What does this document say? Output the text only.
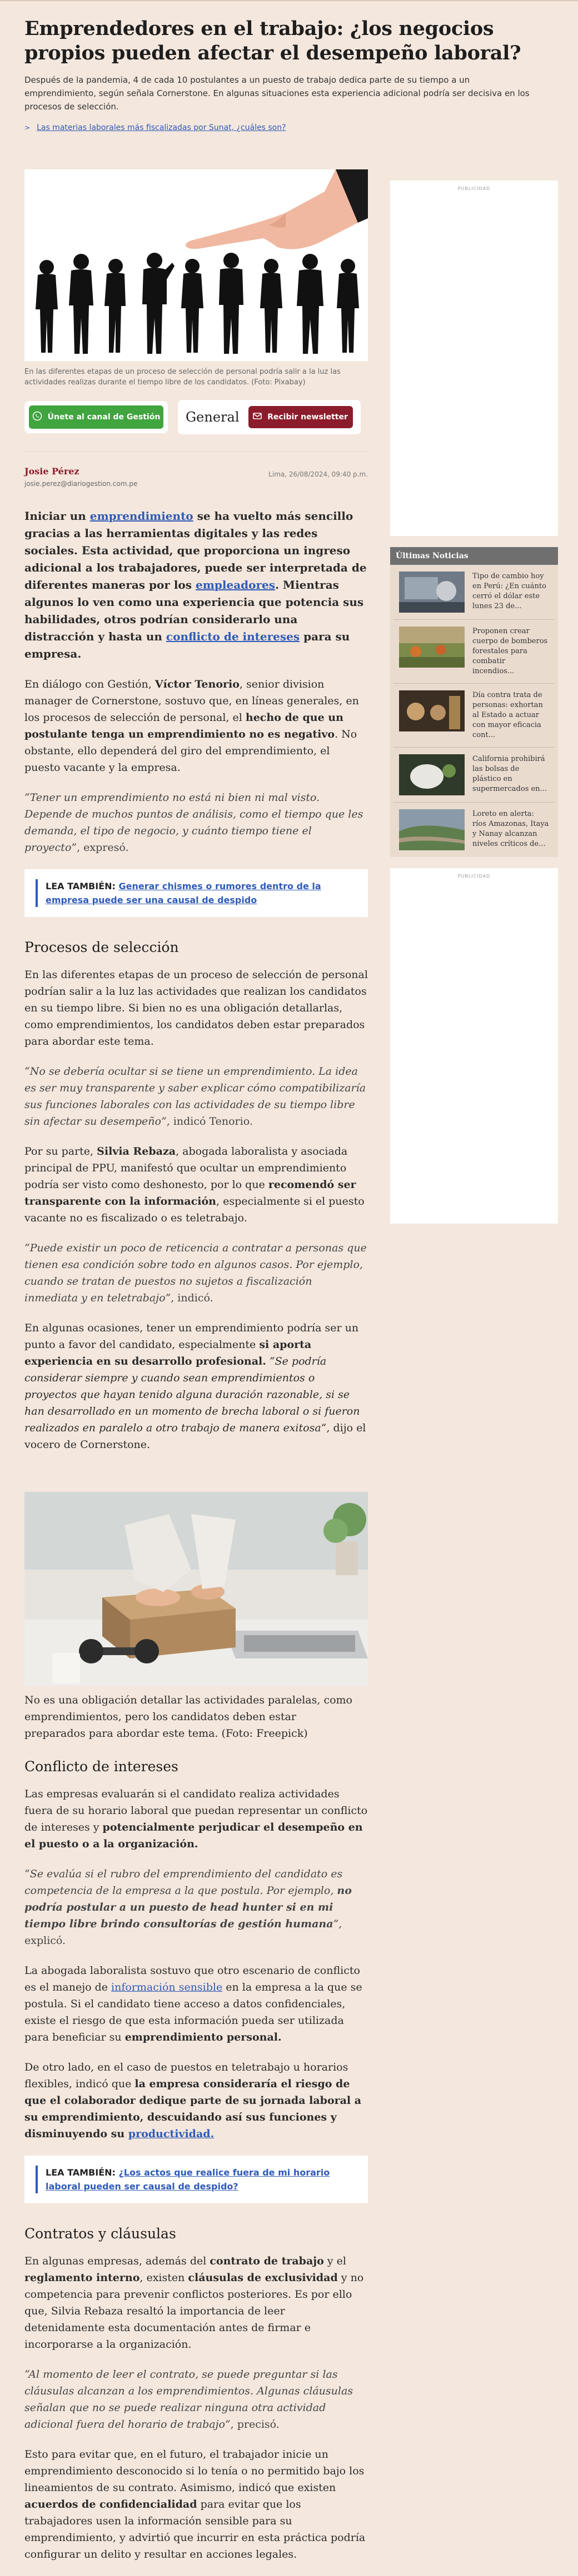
Emprendedores en el trabajo: ¿los negocios propios pueden afectar el desempeño laboral?

Después de la pandemia, 4 de cada 10 postulantes a un puesto de trabajo dedica parte de su tiempo a un emprendimiento, según señala Cornerstone. En algunas situaciones esta experiencia adicional podría ser decisiva en los procesos de selección.

> Las materias laborales más fiscalizadas por Sunat, ¿cuáles son?

En las diferentes etapas de un proceso de selección de personal podría salir a la luz las actividades realizas durante el tiempo libre de los candidatos. (Foto: Pixabay)

Únete al canal de Gestión General	Recibir newsletter
Josie Pérez
josie.perez@diariogestion.com.pe
Lima, 26/08/2024, 09:40 p.m.

Iniciar un emprendimiento se ha vuelto más sencillo gracias a las herramientas digitales y las redes sociales. Esta actividad, que proporciona un ingreso adicional a los trabajadores, puede ser interpretada de diferentes maneras por los empleadores. Mientras algunos lo ven como una experiencia que potencia sus habilidades, otros podrían considerarlo una distracción y hasta un conflicto de intereses para su empresa.

En diálogo con Gestión, Víctor Tenorio, senior division manager de Cornerstone, sostuvo que, en líneas generales, en los procesos de selección de personal, el hecho de que un postulante tenga un emprendimiento no es negativo. No obstante, ello dependerá del giro del emprendimiento, el puesto vacante y la empresa.

“Tener un emprendimiento no está ni bien ni mal visto. Depende de muchos puntos de análisis, como el tiempo que les demanda, el tipo de negocio, y cuánto tiempo tiene el proyecto”, expresó.

LEA TAMBIÉN: Generar chismes o rumores dentro de la empresa puede ser una causal de despido
Procesos de selección

En las diferentes etapas de un proceso de selección de personal podrían salir a la luz las actividades que realizan los candidatos en su tiempo libre. Si bien no es una obligación detallarlas, como emprendimientos, los candidatos deben estar preparados para abordar este tema.

“No se debería ocultar si se tiene un emprendimiento. La idea es ser muy transparente y saber explicar cómo compatibilizaría sus funciones laborales con las actividades de su tiempo libre sin afectar su desempeño”, indicó Tenorio.

Por su parte, Silvia Rebaza, abogada laboralista y asociada principal de PPU, manifestó que ocultar un emprendimiento podría ser visto como deshonesto, por lo que recomendó ser transparente con la información, especialmente si el puesto vacante no es fiscalizado o es teletrabajo.

“Puede existir un poco de reticencia a contratar a personas que tienen esa condición sobre todo en algunos casos. Por ejemplo, cuando se tratan de puestos no sujetos a fiscalización inmediata y en teletrabajo”, indicó.

En algunas ocasiones, tener un emprendimiento podría ser un punto a favor del candidato, especialmente si aporta experiencia en su desarrollo profesional. “Se podría considerar siempre y cuando sean emprendimientos o proyectos que hayan tenido alguna duración razonable, si se han desarrollado en un momento de brecha laboral o si fueron realizados en paralelo a otro trabajo de manera exitosa”, dijo el vocero de Cornerstone.

No es una obligación detallar las actividades paralelas, como emprendimientos, pero los candidatos deben estar preparados para abordar este tema. (Foto: Freepick)

Conflicto de intereses

Las empresas evaluarán si el candidato realiza actividades fuera de su horario laboral que puedan representar un conflicto de intereses y potencialmente perjudicar el desempeño en el puesto o a la organización.

“Se evalúa si el rubro del emprendimiento del candidato es competencia de la empresa a la que postula. Por ejemplo, no podría postular a un puesto de head hunter si en mi tiempo libre brindo consultorías de gestión humana”, explicó.

La abogada laboralista sostuvo que otro escenario de conflicto es el manejo de información sensible en la empresa a la que se postula. Si el candidato tiene acceso a datos confidenciales, existe el riesgo de que esta información pueda ser utilizada para beneficiar su emprendimiento personal.

De otro lado, en el caso de puestos en teletrabajo u horarios flexibles, indicó que la empresa consideraría el riesgo de que el colaborador dedique parte de su jornada laboral a su emprendimiento, descuidando así sus funciones y disminuyendo su productividad.

LEA TAMBIÉN: ¿Los actos que realice fuera de mi horario laboral pueden ser causal de despido?
Contratos y cláusulas

En algunas empresas, además del contrato de trabajo y el reglamento interno, existen cláusulas de exclusividad y no competencia para prevenir conflictos posteriores. Es por ello que, Silvia Rebaza resaltó la importancia de leer detenidamente esta documentación antes de firmar e incorporarse a la organización.

“Al momento de leer el contrato, se puede preguntar si las cláusulas alcanzan a los emprendimientos. Algunas cláusulas señalan que no se puede realizar ninguna otra actividad adicional fuera del horario de trabajo”, precisó.

Esto para evitar que, en el futuro, el trabajador inicie un emprendimiento desconocido si lo tenía o no permitido bajo los lineamientos de su contrato. Asimismo, indicó que existen acuerdos de confidencialidad para evitar que los trabajadores usen la información sensible para su emprendimiento, y advirtió que incurrir en esta práctica podría configurar un delito y resultar en acciones legales.

PUBLICIDAD
Últimas Noticias
Tipo de cambio hoy en Perú: ¿En cuánto cerró el dólar este lunes 23 de...
Proponen crear cuerpo de bomberos forestales para combatir incendios...
Día contra trata de personas: exhortan al Estado a actuar con mayor eficacia cont...
California prohibirá las bolsas de plástico en supermercados en...
Loreto en alerta: ríos Amazonas, Itaya y Nanay alcanzan niveles críticos de...
PUBLICIDAD
